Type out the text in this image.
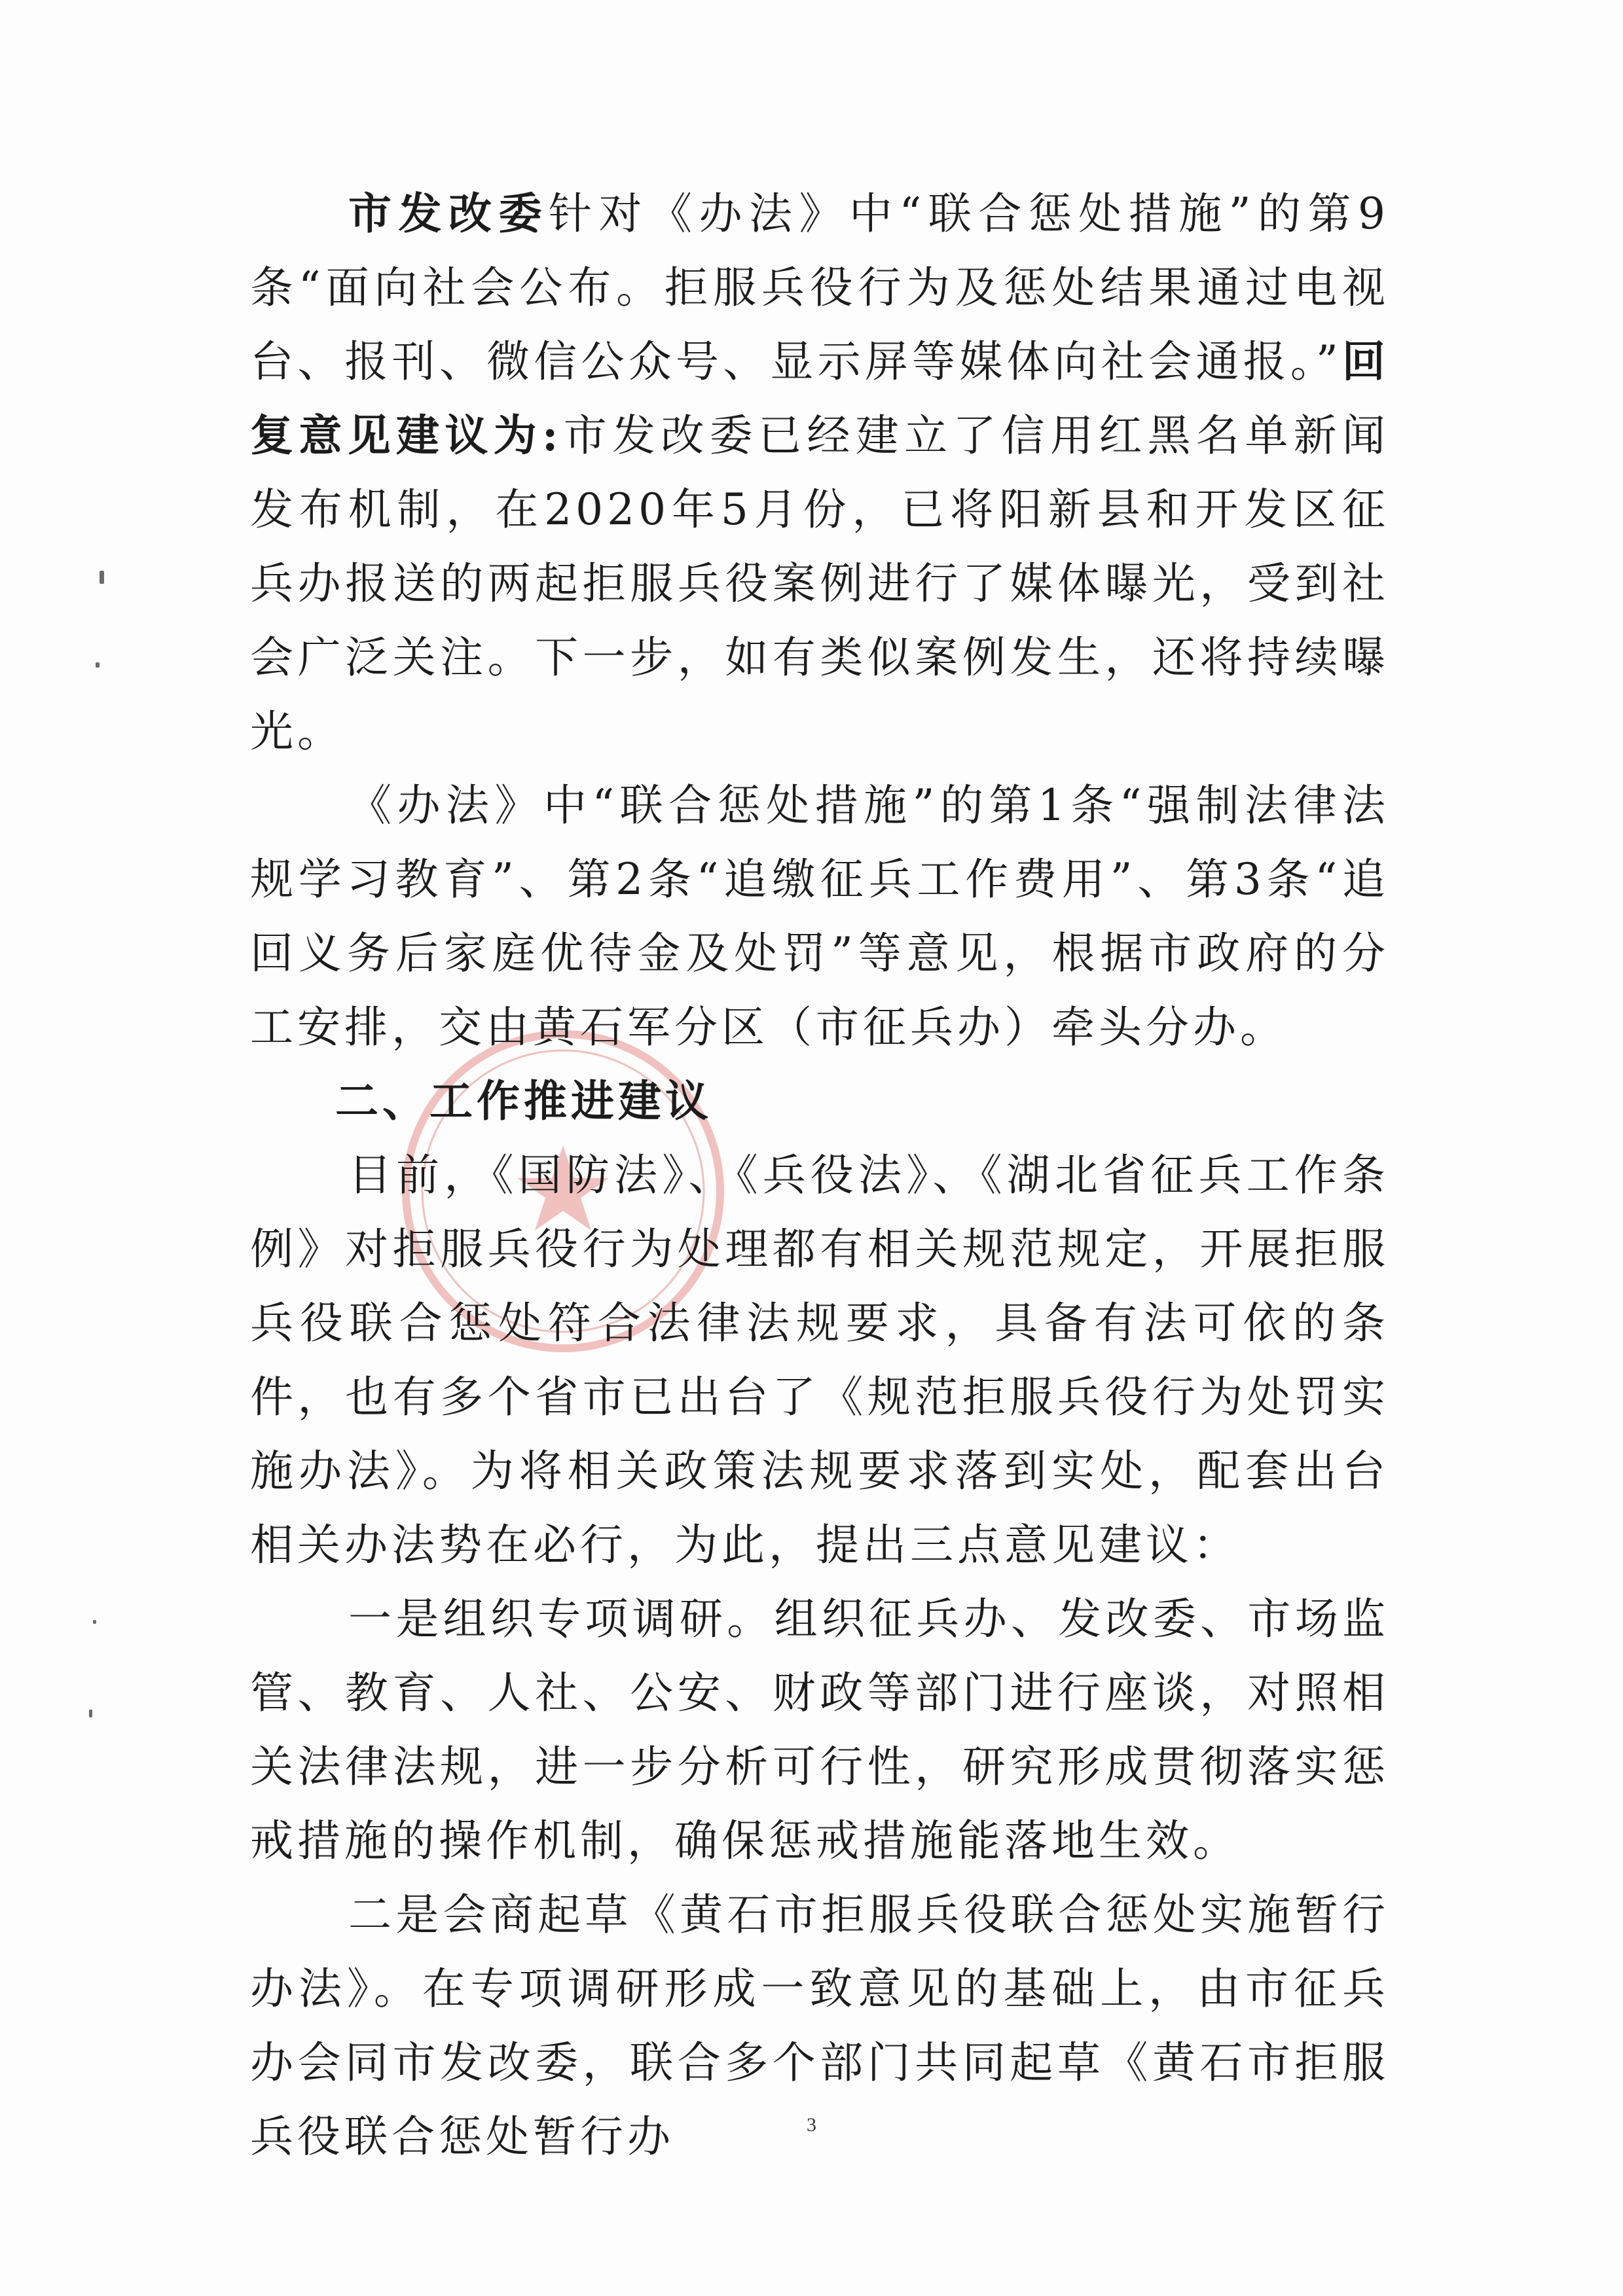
市发改委针对《办法》中“联合惩处措施”的第9条“面向社会公布。拒服兵役行为及惩处结果通过电视台、报刊、微信公众号、显示屏等媒体向社会通报。”回复意见建议为:市发改委已经建立了信用红黑名单新闻发布机制，在2020年5月份，已将阳新县和开发区征兵办报送的两起拒服兵役案例进行了媒体曝光，受到社会广泛关注。下一步，如有类似案例发生，还将持续曝光。

《办法》中“联合惩处措施”的第1条“强制法律法规学习教育”、第2条“追缴征兵工作费用”、第3条“追回义务后家庭优待金及处罚”等意见，根据市政府的分工安排，交由黄石军分区（市征兵办）牵头分办。

二、工作推进建议

目前，《国防法》、《兵役法》、《湖北省征兵工作条例》对拒服兵役行为处理都有相关规范规定，开展拒服兵役联合惩处符合法律法规要求，具备有法可依的条件，也有多个省市已出台了《规范拒服兵役行为处罚实施办法》。为将相关政策法规要求落到实处，配套出台相关办法势在必行，为此，提出三点意见建议：

一是组织专项调研。组织征兵办、发改委、市场监管、教育、人社、公安、财政等部门进行座谈，对照相关法律法规，进一步分析可行性，研究形成贯彻落实惩戒措施的操作机制，确保惩戒措施能落地生效。

二是会商起草《黄石市拒服兵役联合惩处实施暂行办法》。在专项调研形成一致意见的基础上，由市征兵办会同市发改委，联合多个部门共同起草《黄石市拒服兵役联合惩处暂行办	3
